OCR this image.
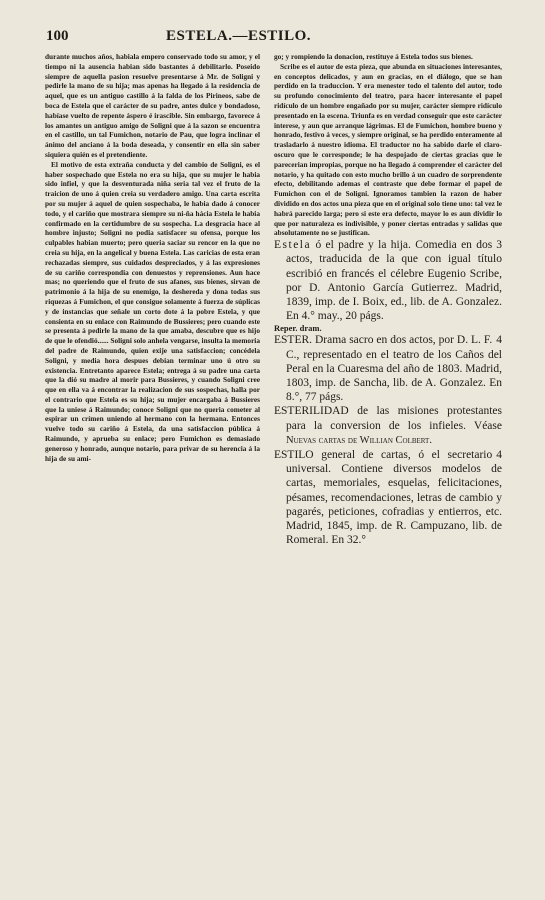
100	ESTELA.—ESTILO.

durante muchos años, habiala empero conservado todo su amor, y el tiempo ni la ausencia habian sido bastantes á debilitarlo. Poseido siempre de aquella pasion resuelve presentarse á Mr. de Soligni y pedirle la mano de su hija; mas apenas ha llegado á la residencia de aquel, que es un antiguo castillo á la falda de los Pirineos, sabe de boca de Estela que el carácter de su padre, antes dulce y bondadoso, habíase vuelto de repente áspero é irascible. Sin embargo, favorece á los amantes un antiguo amigo de Soligni que á la sazon se encuentra en el castillo, un tal Fumichon, notario de Pau, que logra inclinar el ánimo del anciano á la boda deseada, y consentir en ella sin saber siquiera quién es el pretendiente.

El motivo de esta extraña conducta y del cambio de Soligni, es el haber sospechado que Estela no era su hija, que su mujer le habia sido infiel, y que la desventurada niña seria tal vez el fruto de la traicion de uno á quien creia su verdadero amigo. Una carta escrita por su mujer á aquel de quien sospechaba, le habia dado á conocer todo, y el cariño que mostrara siempre su ni-ña hácia Estela le habia confirmado en la certidumbre de su sospecha. La desgracia hace al hombre injusto; Soligni no podia satisfacer su ofensa, porque los culpables habian muerto; pero queria saciar su rencor en la que no creia su hija, en la angelical y buena Estela. Las caricias de esta eran rechazadas siempre, sus cuidados despreciados, y á las expresiones de su cariño correspondia con denuestos y reprensiones. Aun hace mas; no queriendo que el fruto de sus afanes, sus bienes, sirvan de patrimonio á la hija de su enemigo, la deshereda y dona todas sus riquezas á Fumichon, el que consigue solamente á fuerza de súplicas y de instancias que señale un corto dote á la pobre Estela, y que consienta en su enlace con Raimundo de Bussieres; pero cuando este se presenta á pedirle la mano de la que amaba, descubre que es hijo de que le ofendió...... Soligni solo anhela vengarse, insulta la memoria del padre de Raimundo, quien exije una satisfaccion; concédela Soligni, y media hora despues debian terminar uno ú otro su existencia. Entretanto aparece Estela; entrega á su padre una carta que la dió su madre al morir para Bussieres, y cuando Soligni cree que en ella va á encontrar la realizacion de sus sospechas, halla por el contrario que Estela es su hija; su mujer encargaba á Bussieres que la uniese á Raimundo; conoce Soligni que no queria cometer al espirar un crímen uniendo al hermano con la hermana. Entonces vuelve todo su cariño á Estela, da una satisfaccion pública á Raimundo, y aprueba su enlace; pero Fumichon es demasiado generoso y honrado, aunque notario, para privar de su herencia á la hija de su ami-

go; y rompiendo la donacion, restituye á Estela todos sus bienes.

Scribe es el autor de esta pieza, que abunda en situaciones interesantes, en conceptos delicados, y aun en gracias, en el diálogo, que se han perdido en la traduccion. Y era menester todo el talento del autor, todo su profundo conocimiento del teatro, para hacer interesante el papel ridículo de un hombre engañado por su mujer, carácter siempre ridículo presentado en la escena. Triunfa es en verdad conseguir que este carácter interese, y aun que arranque lágrimas. El de Fumichon, hombre bueno y honrado, festivo á veces, y siempre original, se ha perdido enteramente al trasladarlo á nuestro idioma. El traductor no ha sabido darle el claro-oscuro que le corresponde; le ha despojado de ciertas gracias que le parecerian impropias, porque no ha llegado á comprender el carácter del notario, y ha quitado con esto mucho brillo á un cuadro de sorprendente efecto, debilitando ademas el contraste que debe formar el papel de Fumichon con el de Soligni. Ignoramos tambien la razon de haber dividido en dos actos una pieza que en el original solo tiene uno: tal vez le habrá parecido larga; pero si este era defecto, mayor lo es aun dividir lo que por naturaleza es indivisible, y poner ciertas entradas y salidas que absolutamente no se justifican.

3
Estela ó el padre y la hija. Comedia en dos actos, traducida de la que con igual título escribió en francés el célebre Eugenio Scribe, por D. Antonio García Gutierrez. Madrid, 1839, imp. de I. Boix, ed., lib. de A. Gonzalez. En 4.° may., 20 págs.

Reper. dram.

4
ESTER. Drama sacro en dos actos, por D. L. F. C., representado en el teatro de los Caños del Peral en la Cuaresma del año de 1803. Madrid, 1803, imp. de Sancha, lib. de A. Gonzalez. En 8.°, 77 págs.

ESTERILIDAD de las misiones protestantes para la conversion de los infieles. Véase Nuevas cartas de Willian Colbert.

4
ESTILO general de cartas, ó el secretario universal. Contiene diversos modelos de cartas, memoriales, esquelas, felicitaciones, pésames, recomendaciones, letras de cambio y pagarés, peticiones, cofradias y entierros, etc. Madrid, 1845, imp. de R. Campuzano, lib. de Romeral. En 32.°
